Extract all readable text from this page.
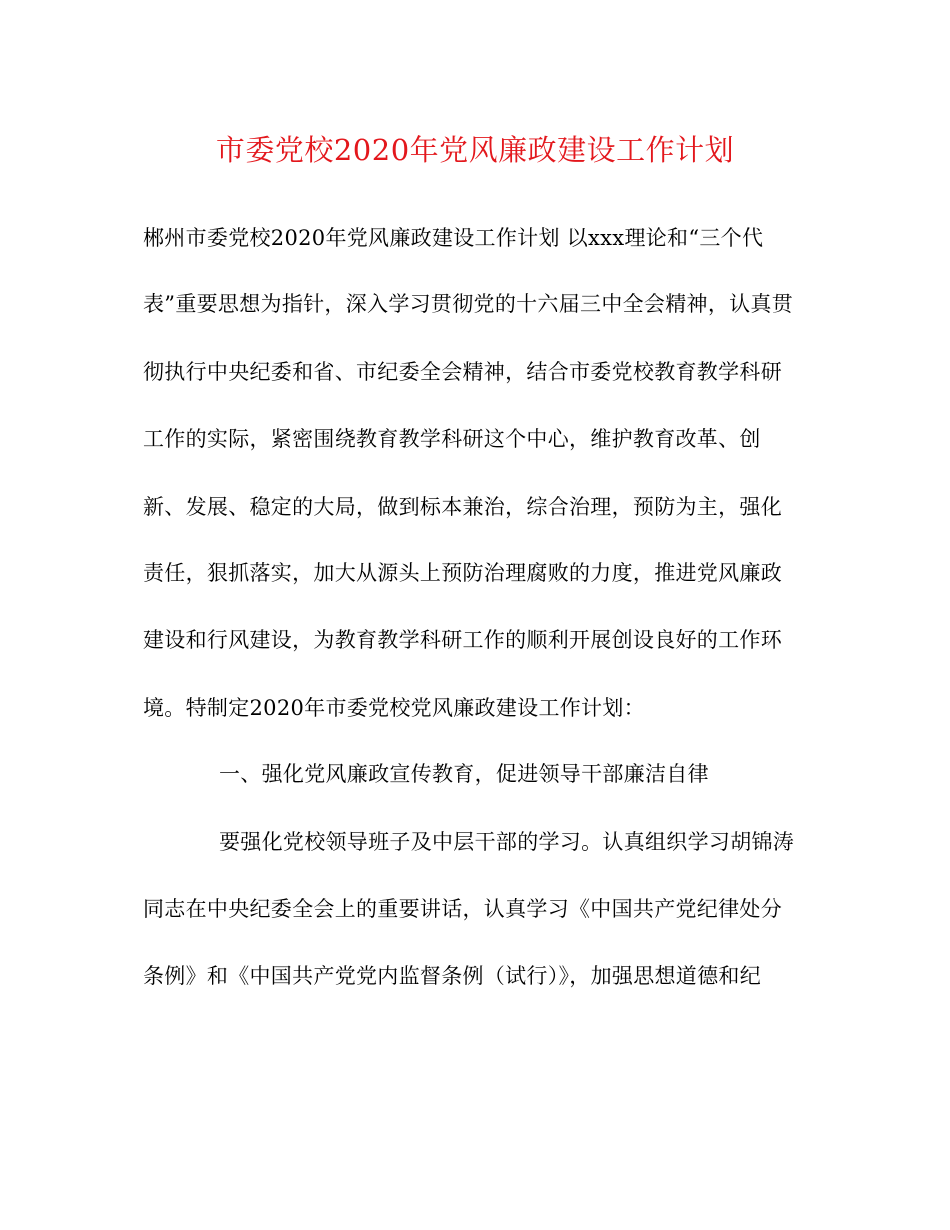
市委党校2020年党风廉政建设工作计划
郴州市委党校2020年党风廉政建设工作计划 以xxx理论和“三个代
表”重要思想为指针，深入学习贯彻党的十六届三中全会精神，认真贯
彻执行中央纪委和省、市纪委全会精神，结合市委党校教育教学科研
工作的实际，紧密围绕教育教学科研这个中心，维护教育改革、创
新、发展、稳定的大局，做到标本兼治，综合治理，预防为主，强化
责任，狠抓落实，加大从源头上预防治理腐败的力度，推进党风廉政
建设和行风建设，为教育教学科研工作的顺利开展创设良好的工作环
境。特制定2020年市委党校党风廉政建设工作计划：
一、强化党风廉政宣传教育，促进领导干部廉洁自律
要强化党校领导班子及中层干部的学习。认真组织学习胡锦涛
同志在中央纪委全会上的重要讲话，认真学习《中国共产党纪律处分
条例》和《中国共产党党内监督条例（试行）》，加强思想道德和纪
